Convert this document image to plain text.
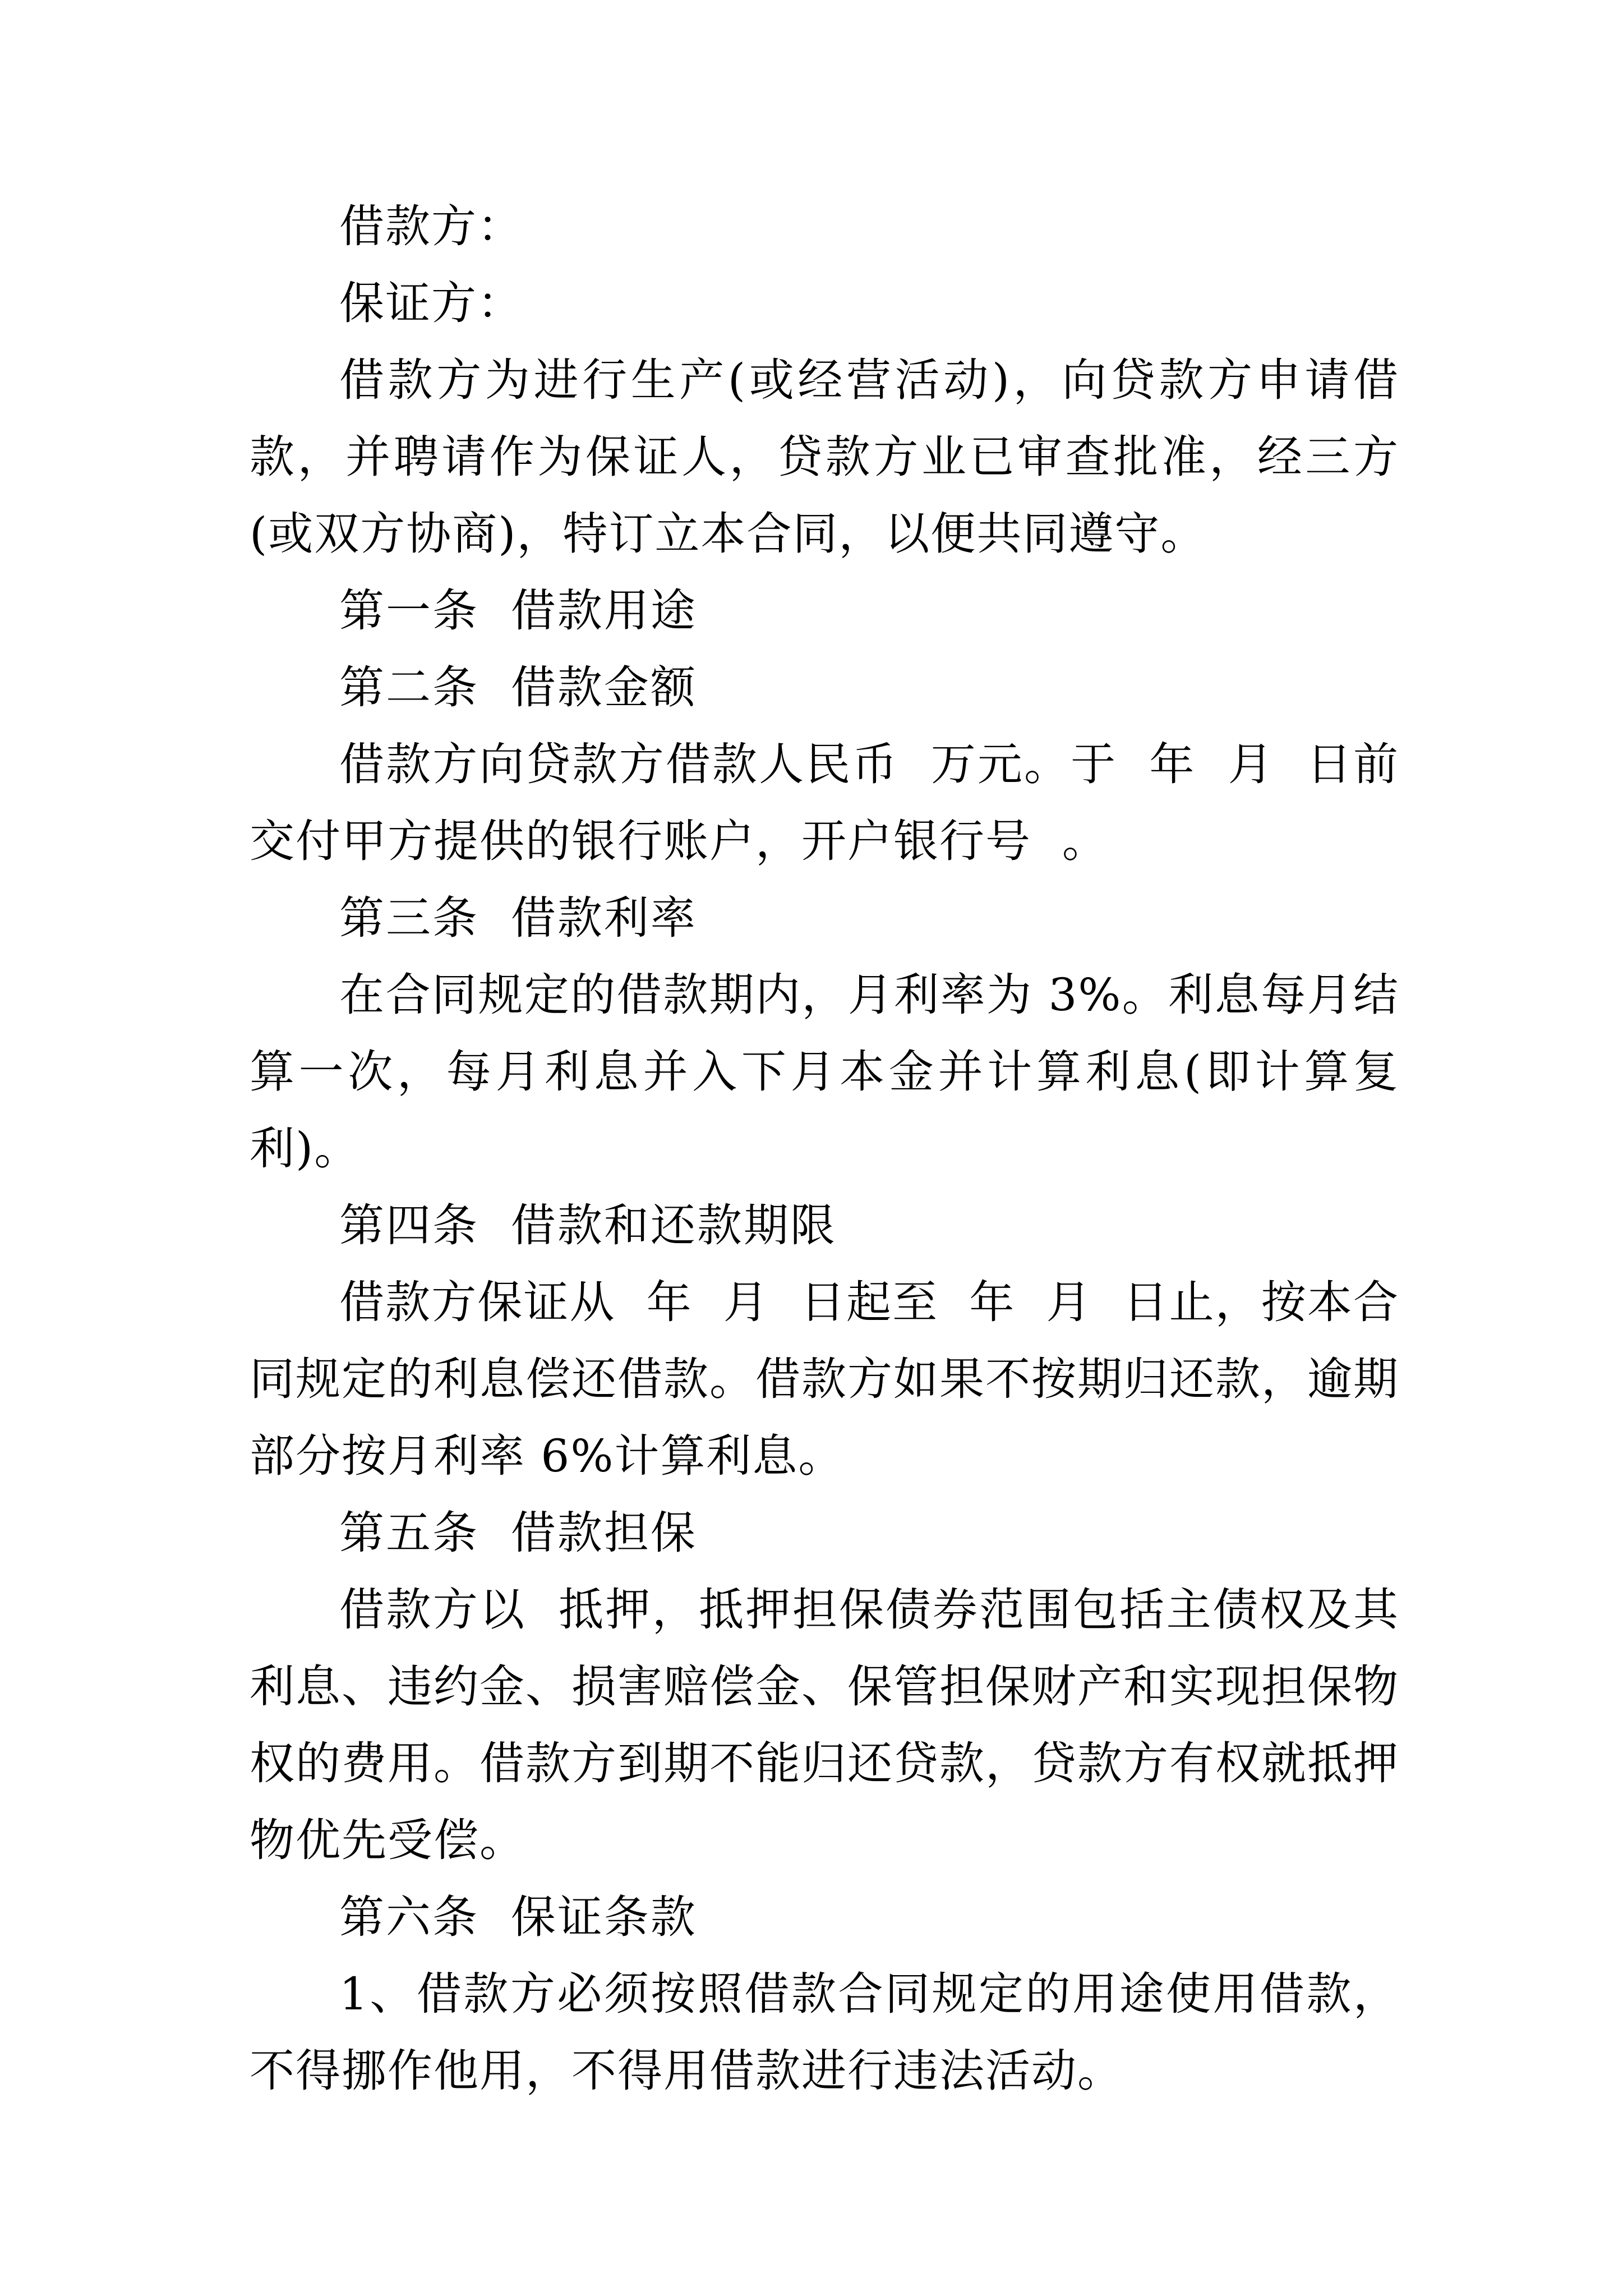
借款方：

保证方：

借款方为进行生产(或经营活动)，向贷款方申请借款，并聘请作为保证人，贷款方业已审查批准，经三方(或双方协商)，特订立本合同，以便共同遵守。

第一条  借款用途

第二条  借款金额

借款方向贷款方借款人民币  万元。于  年  月  日前交付甲方提供的银行账户，开户银行号  。

第三条  借款利率

在合同规定的借款期内，月利率为 3%。利息每月结算一次，每月利息并入下月本金并计算利息(即计算复利)。

第四条  借款和还款期限

借款方保证从  年  月  日起至  年  月  日止，按本合同规定的利息偿还借款。借款方如果不按期归还款，逾期部分按月利率 6%计算利息。

第五条  借款担保

借款方以  抵押，抵押担保债券范围包括主债权及其利息、违约金、损害赔偿金、保管担保财产和实现担保物权的费用。借款方到期不能归还贷款，贷款方有权就抵押物优先受偿。

第六条  保证条款

1、借款方必须按照借款合同规定的用途使用借款，不得挪作他用，不得用借款进行违法活动。
